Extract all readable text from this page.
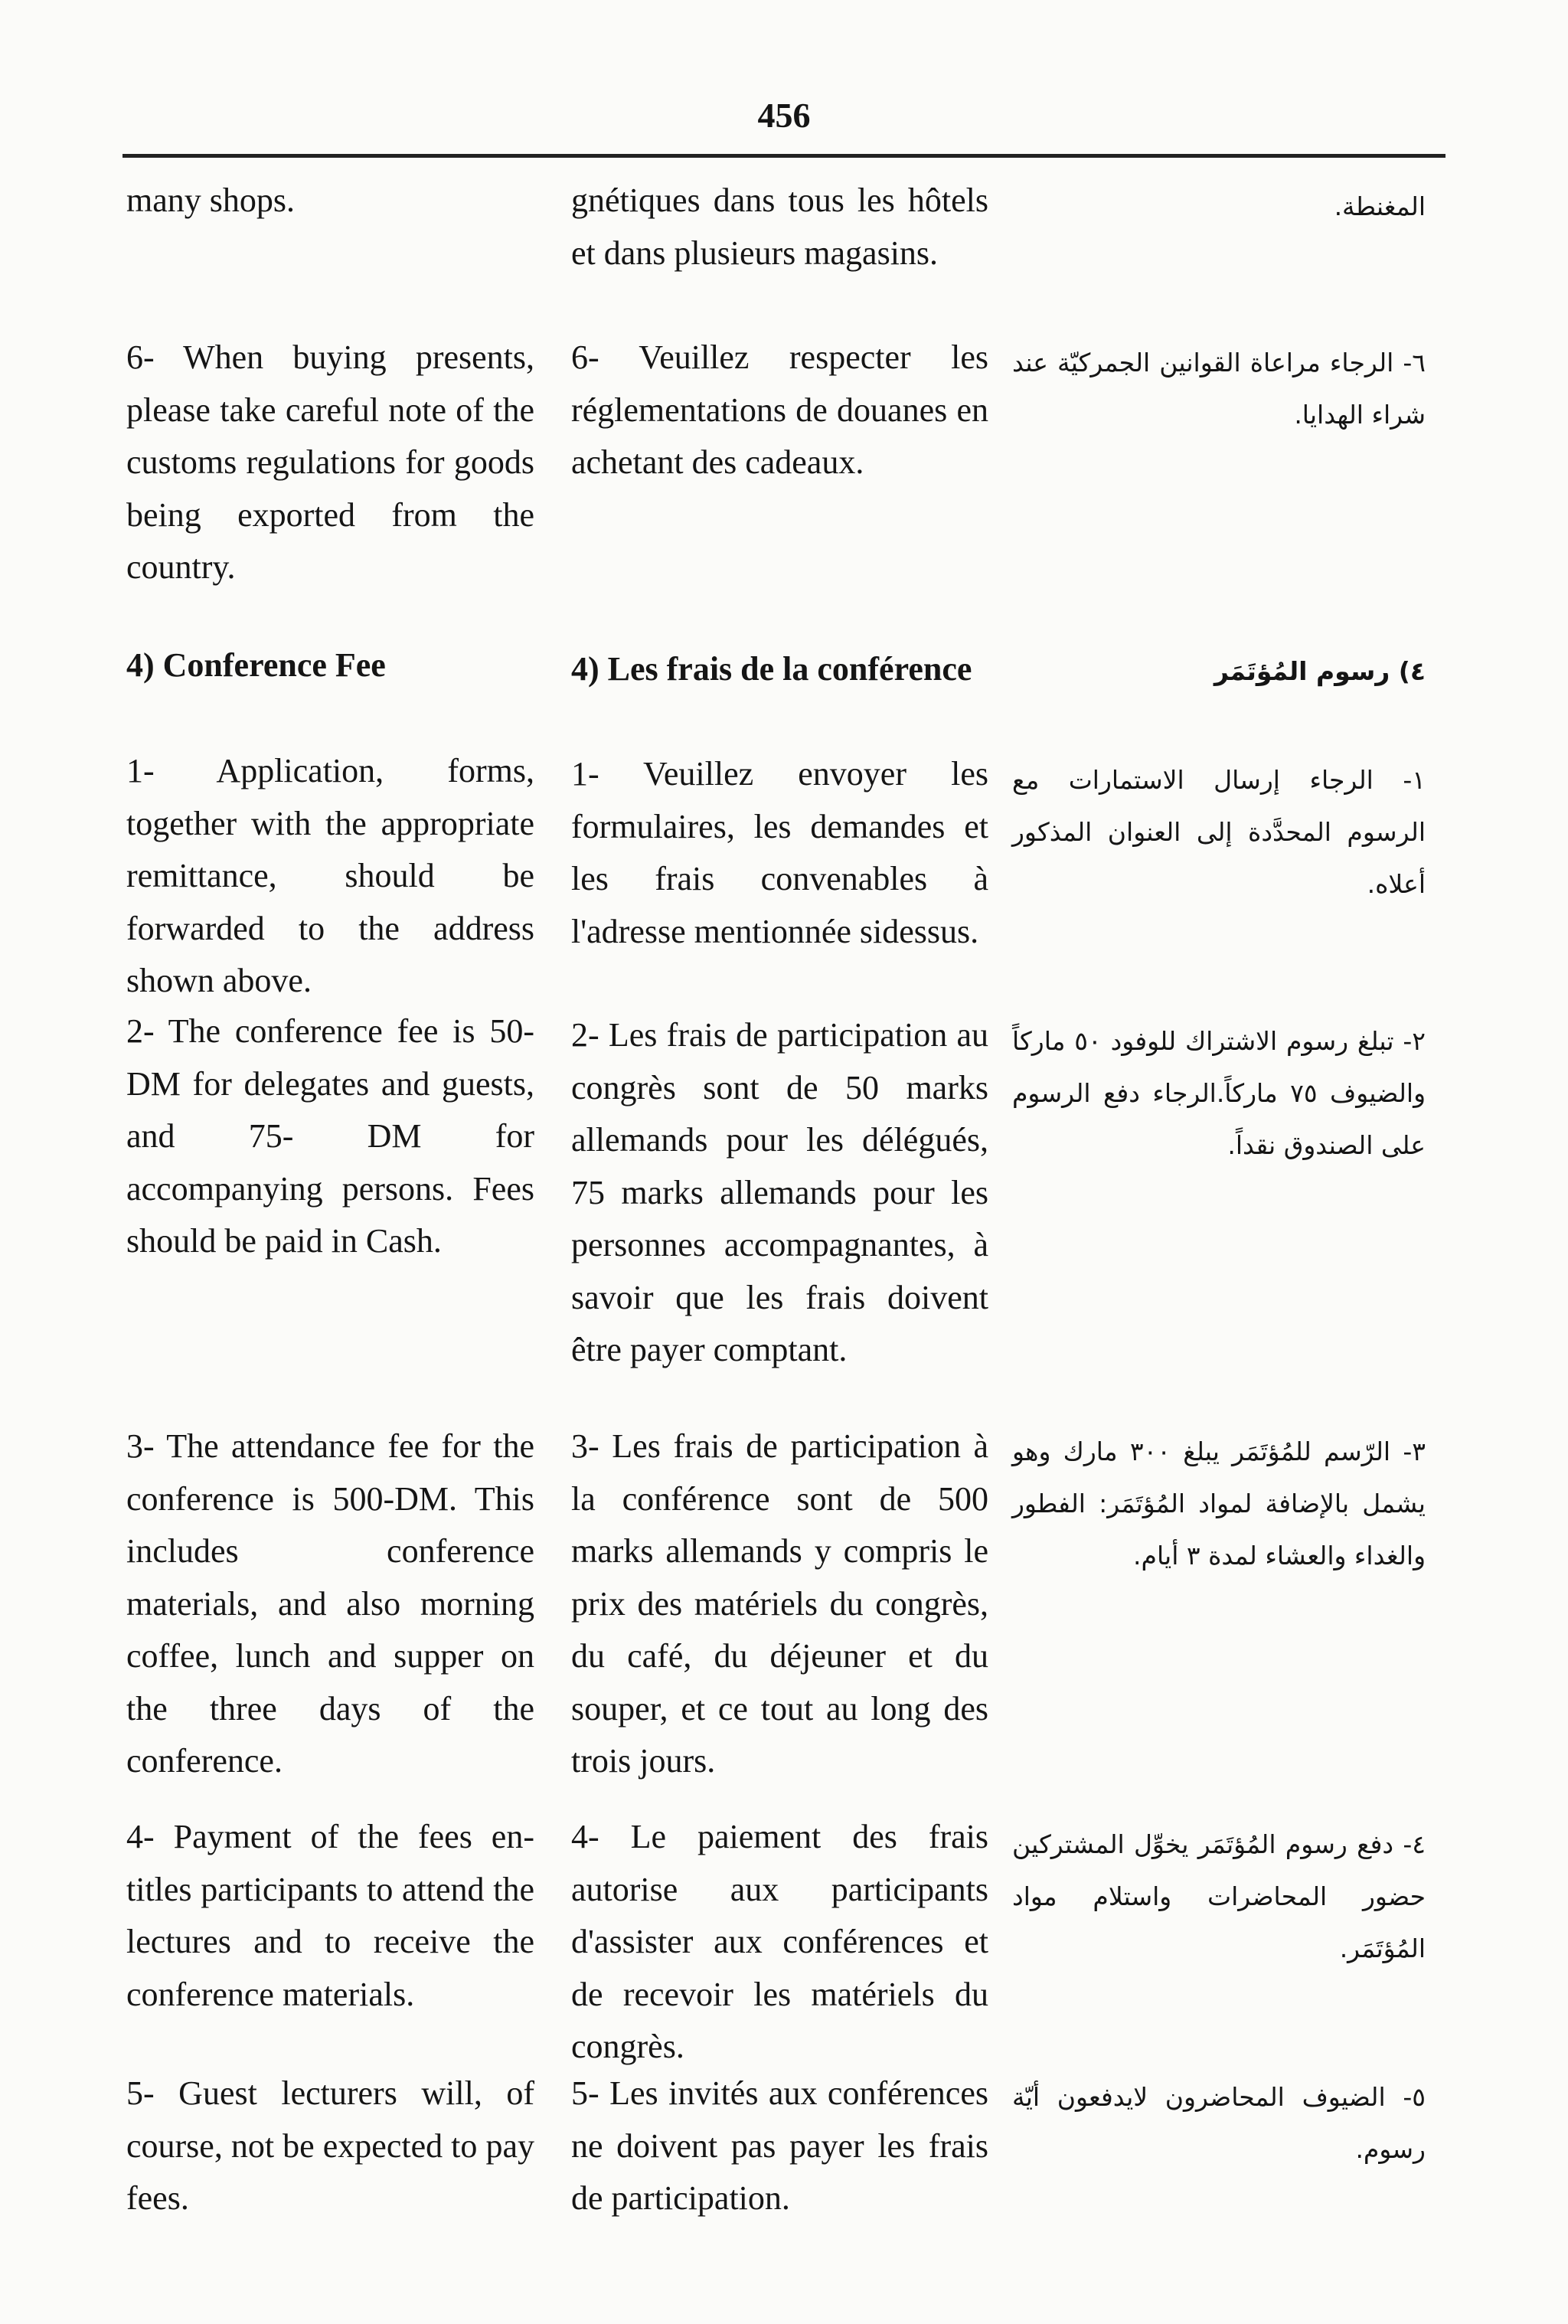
456
many shops.
6- When buying presents, please take careful note of the customs regulations for goods being exported from the country.
4) Conference Fee
1- Application, forms, together with the appropriate remittance, should be forwarded to the address shown above.
2- The conference fee is 50- DM for delegates and guests, and 75- DM for accompanying persons. Fees should be paid in Cash.
3- The attendance fee for the conference is 500-DM. This includes conference materials, and also morning coffee, lunch and supper on the three days of the conference.
4- Payment of the fees en-titles participants to attend the lectures and to receive the conference materials.
5- Guest lecturers will, of course, not be expected to pay fees.
gnétiques dans tous les hôtels et dans plusieurs magasins.
6- Veuillez respecter les réglementations de douanes en achetant des cadeaux.
4) Les frais de la conférence
1- Veuillez envoyer les formulaires, les demandes et les frais convenables à l'adresse mentionnée sidessus.
2- Les frais de participation au congrès sont de 50 marks allemands pour les délégués, 75 marks allemands pour les personnes accompagnantes, à savoir que les frais doivent être payer comptant.
3- Les frais de participation à la conférence sont de 500 marks allemands y compris le prix des matériels du congrès, du café, du déjeuner et du souper, et ce tout au long des trois jours.
4- Le paiement des frais autorise aux participants d'assister aux conférences et de recevoir les matériels du congrès.
5- Les invités aux conférences ne doivent pas payer les frais de participation.
المغنطة.
٦- الرجاء مراعاة القوانين الجمركيّة عند شراء الهدايا.
٤) رسوم المُؤتَمَر
١- الرجاء إرسال الاستمارات مع الرسوم المحدَّدة إلى العنوان المذكور أعلاه.
٢- تبلغ رسوم الاشتراك للوفود ٥٠ ماركاً والضيوف ٧٥ ماركاً.الرجاء دفع الرسوم على الصندوق نقداً.
٣- الرّسم للمُؤتَمَر يبلغ ٣٠٠ مارك وهو يشمل بالإضافة لمواد المُؤتَمَر: الفطور والغداء والعشاء لمدة ٣ أيام.
٤- دفع رسوم المُؤتَمَر يخوِّل المشتركين حضور المحاضرات واستلام مواد المُؤتَمَر.
٥- الضيوف المحاضرون لايدفعون أيّة رسوم.
